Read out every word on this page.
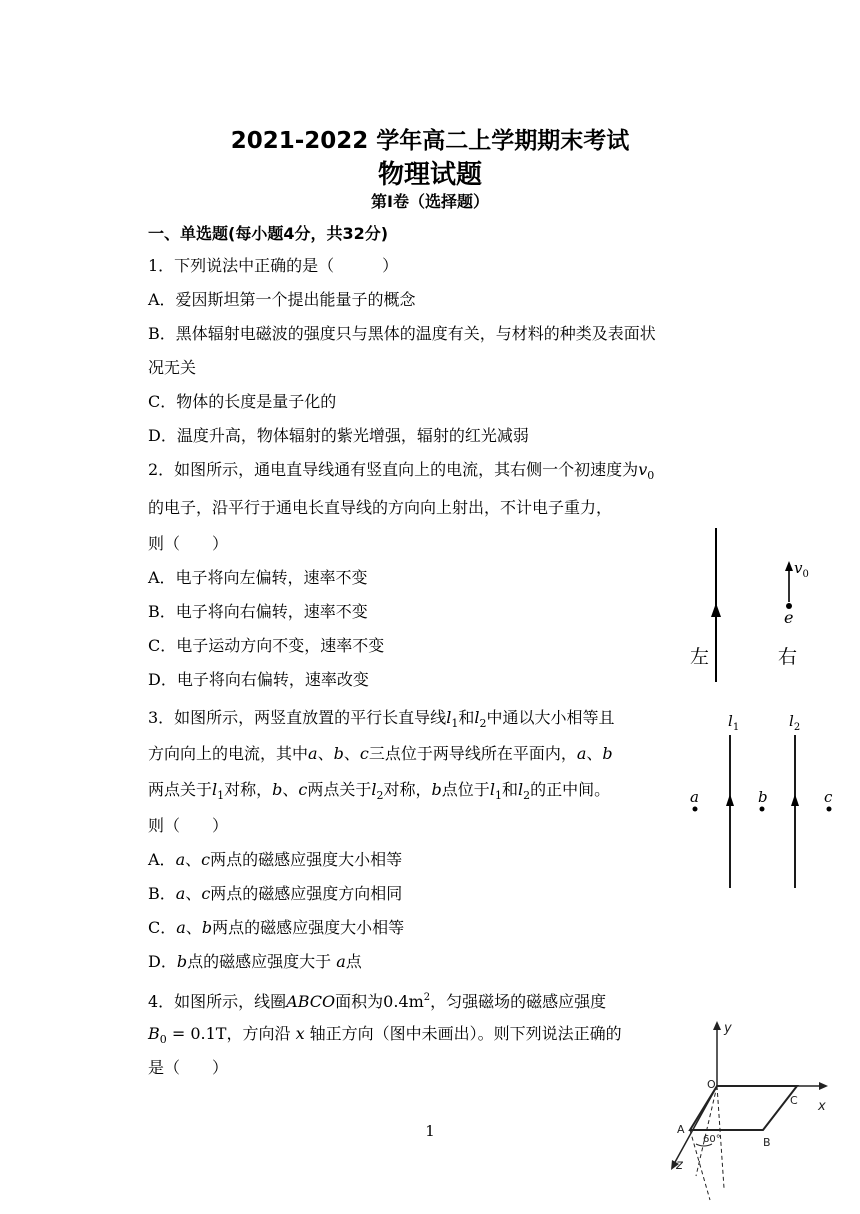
2021-2022 学年高二上学期期末考试
物理试题
第Ⅰ卷（选择题）
一、单选题(每小题4分，共32分)
1．下列说法中正确的是（　　　）
A．爱因斯坦第一个提出能量子的概念
B．黑体辐射电磁波的强度只与黑体的温度有关，与材料的种类及表面状
况无关
C．物体的长度是量子化的
D．温度升高，物体辐射的紫光增强，辐射的红光减弱
2．如图所示，通电直导线通有竖直向上的电流，其右侧一个初速度为$v_0$
的电子，沿平行于通电长直导线的方向向上射出，不计电子重力，
则（　　）
A．电子将向左偏转，速率不变
B．电子将向右偏转，速率不变
C．电子运动方向不变，速率不变
D．电子将向右偏转，速率改变
$v_0$
e
左	右
3．如图所示，两竖直放置的平行长直导线$l_1$和$l_2$中通以大小相等且
方向向上的电流，其中a、b、c三点位于两导线所在平面内，a、b
两点关于$l_1$对称，b、c两点关于$l_2$对称，b点位于$l_1$和$l_2$的正中间。
则（　　）
A．a、c两点的磁感应强度大小相等
B．a、c两点的磁感应强度方向相同
C．a、b两点的磁感应强度大小相等
D．b点的磁感应强度大于 a点
$l_1$	$l_2$
a	b	c
4．如图所示，线圈ABCO面积为$0.4m^2$，匀强磁场的磁感应强度
$B_0 = 0.1T$，方向沿 x 轴正方向（图中未画出）。则下列说法正确的
是（　　）
y
x
z
O
C
A
B
60°
1
